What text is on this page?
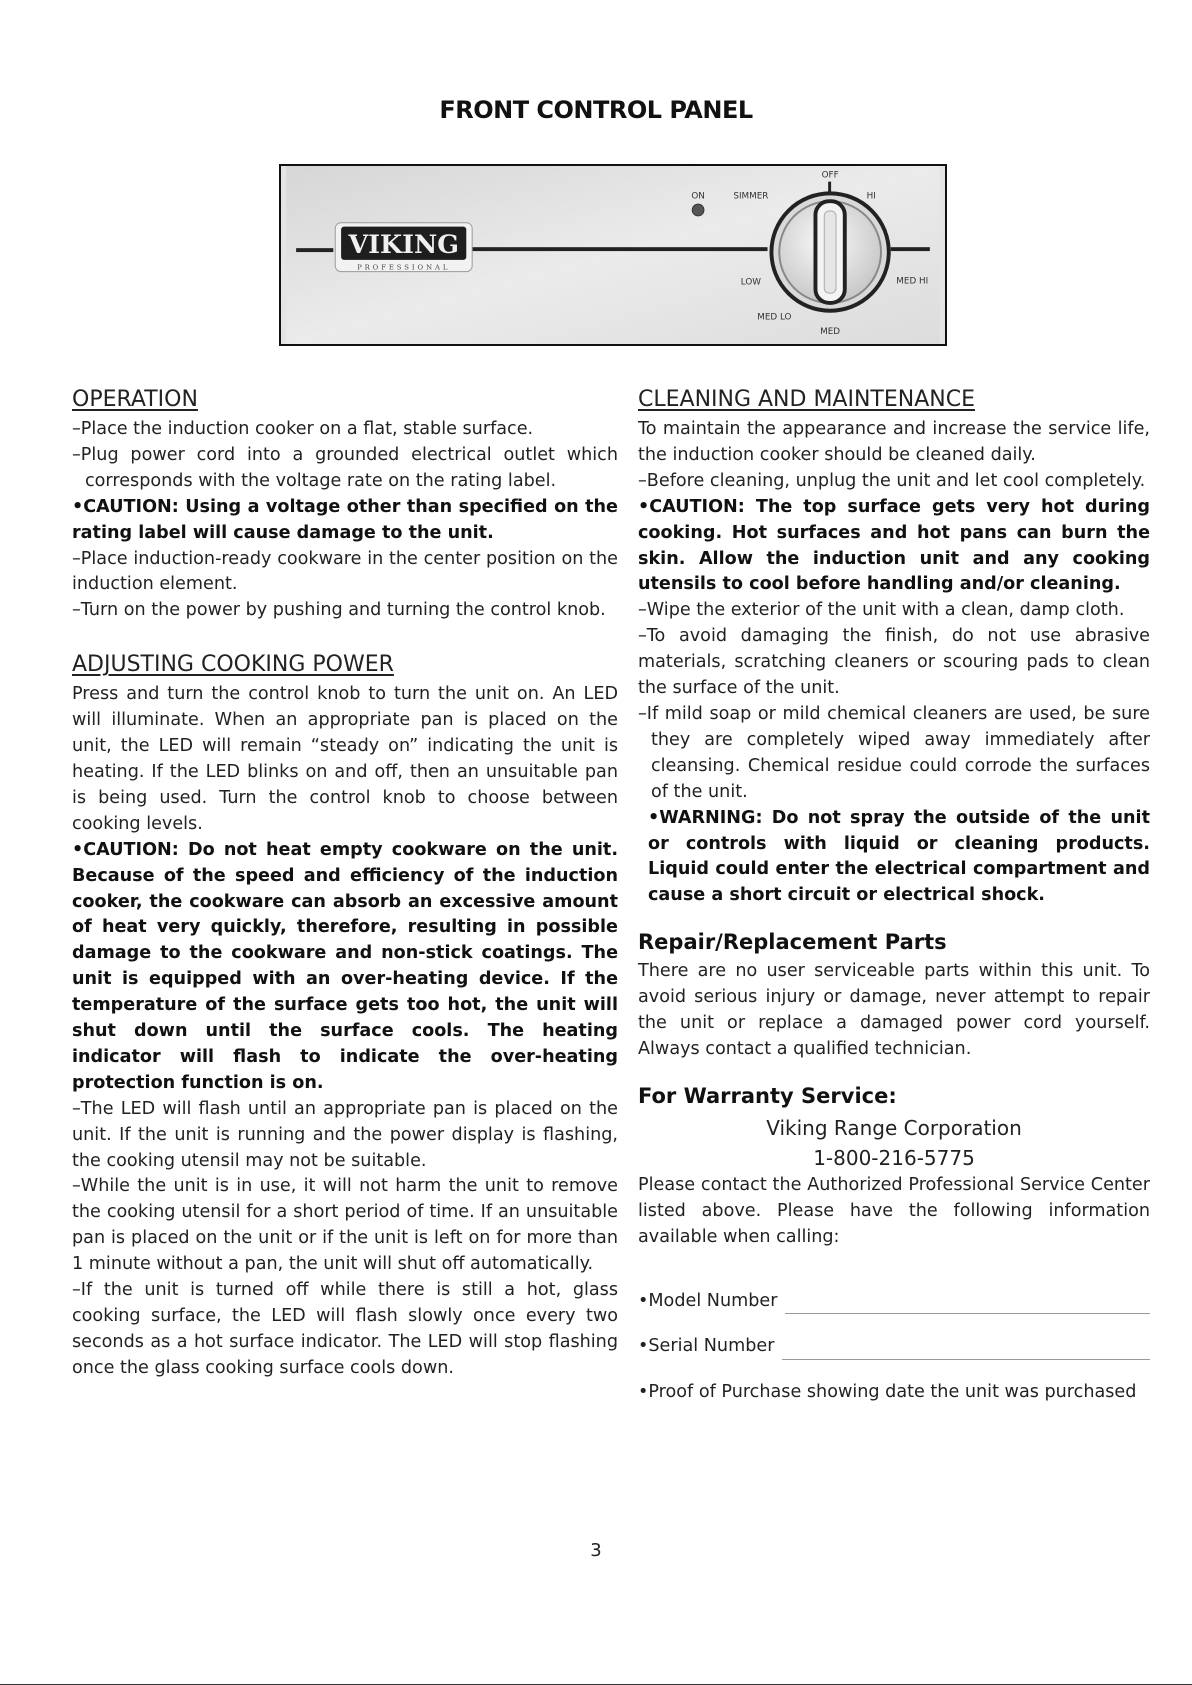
FRONT CONTROL PANEL
VIKING
PROFESSIONAL
ON
OFF
SIMMER	HI
MED HI
MED
MED LO
LOW
OPERATION

–Place the induction cooker on a flat, stable surface.

–Plug power cord into a grounded electrical outlet which corresponds with the voltage rate on the rating label.

•CAUTION: Using a voltage other than specified on the rating label will cause damage to the unit.

–Place induction-ready cookware in the center position on the induction element.

–Turn on the power by pushing and turning the control knob.

ADJUSTING COOKING POWER

Press and turn the control knob to turn the unit on. An LED will illuminate. When an appropriate pan is placed on the unit, the LED will remain “steady on” indicating the unit is heating. If the LED blinks on and off, then an unsuitable pan is being used. Turn the control knob to choose between cooking levels.

•CAUTION: Do not heat empty cookware on the unit. Because of the speed and efficiency of the induction cooker, the cookware can absorb an excessive amount of heat very quickly, therefore, resulting in possible damage to the cookware and non-stick coatings. The unit is equipped with an over-heating device. If the temperature of the surface gets too hot, the unit will shut down until the surface cools. The heating indicator will flash to indicate the over-heating protection function is on.

–The LED will flash until an appropriate pan is placed on the unit. If the unit is running and the power display is flashing, the cooking utensil may not be suitable.

–While the unit is in use, it will not harm the unit to remove the cooking utensil for a short period of time. If an unsuitable pan is placed on the unit or if the unit is left on for more than 1 minute without a pan, the unit will shut off automatically.

–If the unit is turned off while there is still a hot, glass cooking surface, the LED will flash slowly once every two seconds as a hot surface indicator. The LED will stop flashing once the glass cooking surface cools down.

CLEANING AND MAINTENANCE

To maintain the appearance and increase the service life, the induction cooker should be cleaned daily.

–Before cleaning, unplug the unit and let cool completely.

•CAUTION: The top surface gets very hot during cooking. Hot surfaces and hot pans can burn the skin. Allow the induction unit and any cooking utensils to cool before handling and/or cleaning.

–Wipe the exterior of the unit with a clean, damp cloth.

–To avoid damaging the finish, do not use abrasive materials, scratching cleaners or scouring pads to clean the surface of the unit.

–If mild soap or mild chemical cleaners are used, be sure they are completely wiped away immediately after cleansing. Chemical residue could corrode the surfaces of the unit.

•WARNING: Do not spray the outside of the unit or controls with liquid or cleaning products. Liquid could enter the electrical compartment and cause a short circuit or electrical shock.

Repair/Replacement Parts

There are no user serviceable parts within this unit. To avoid serious injury or damage, never attempt to repair the unit or replace a damaged power cord yourself. Always contact a qualified technician.

For Warranty Service:
Viking Range Corporation
1-800-216-5775

Please contact the Authorized Professional Service Center listed above. Please have the following information available when calling:

•Model Number
•Serial Number

•Proof of Purchase showing date the unit was purchased

3
